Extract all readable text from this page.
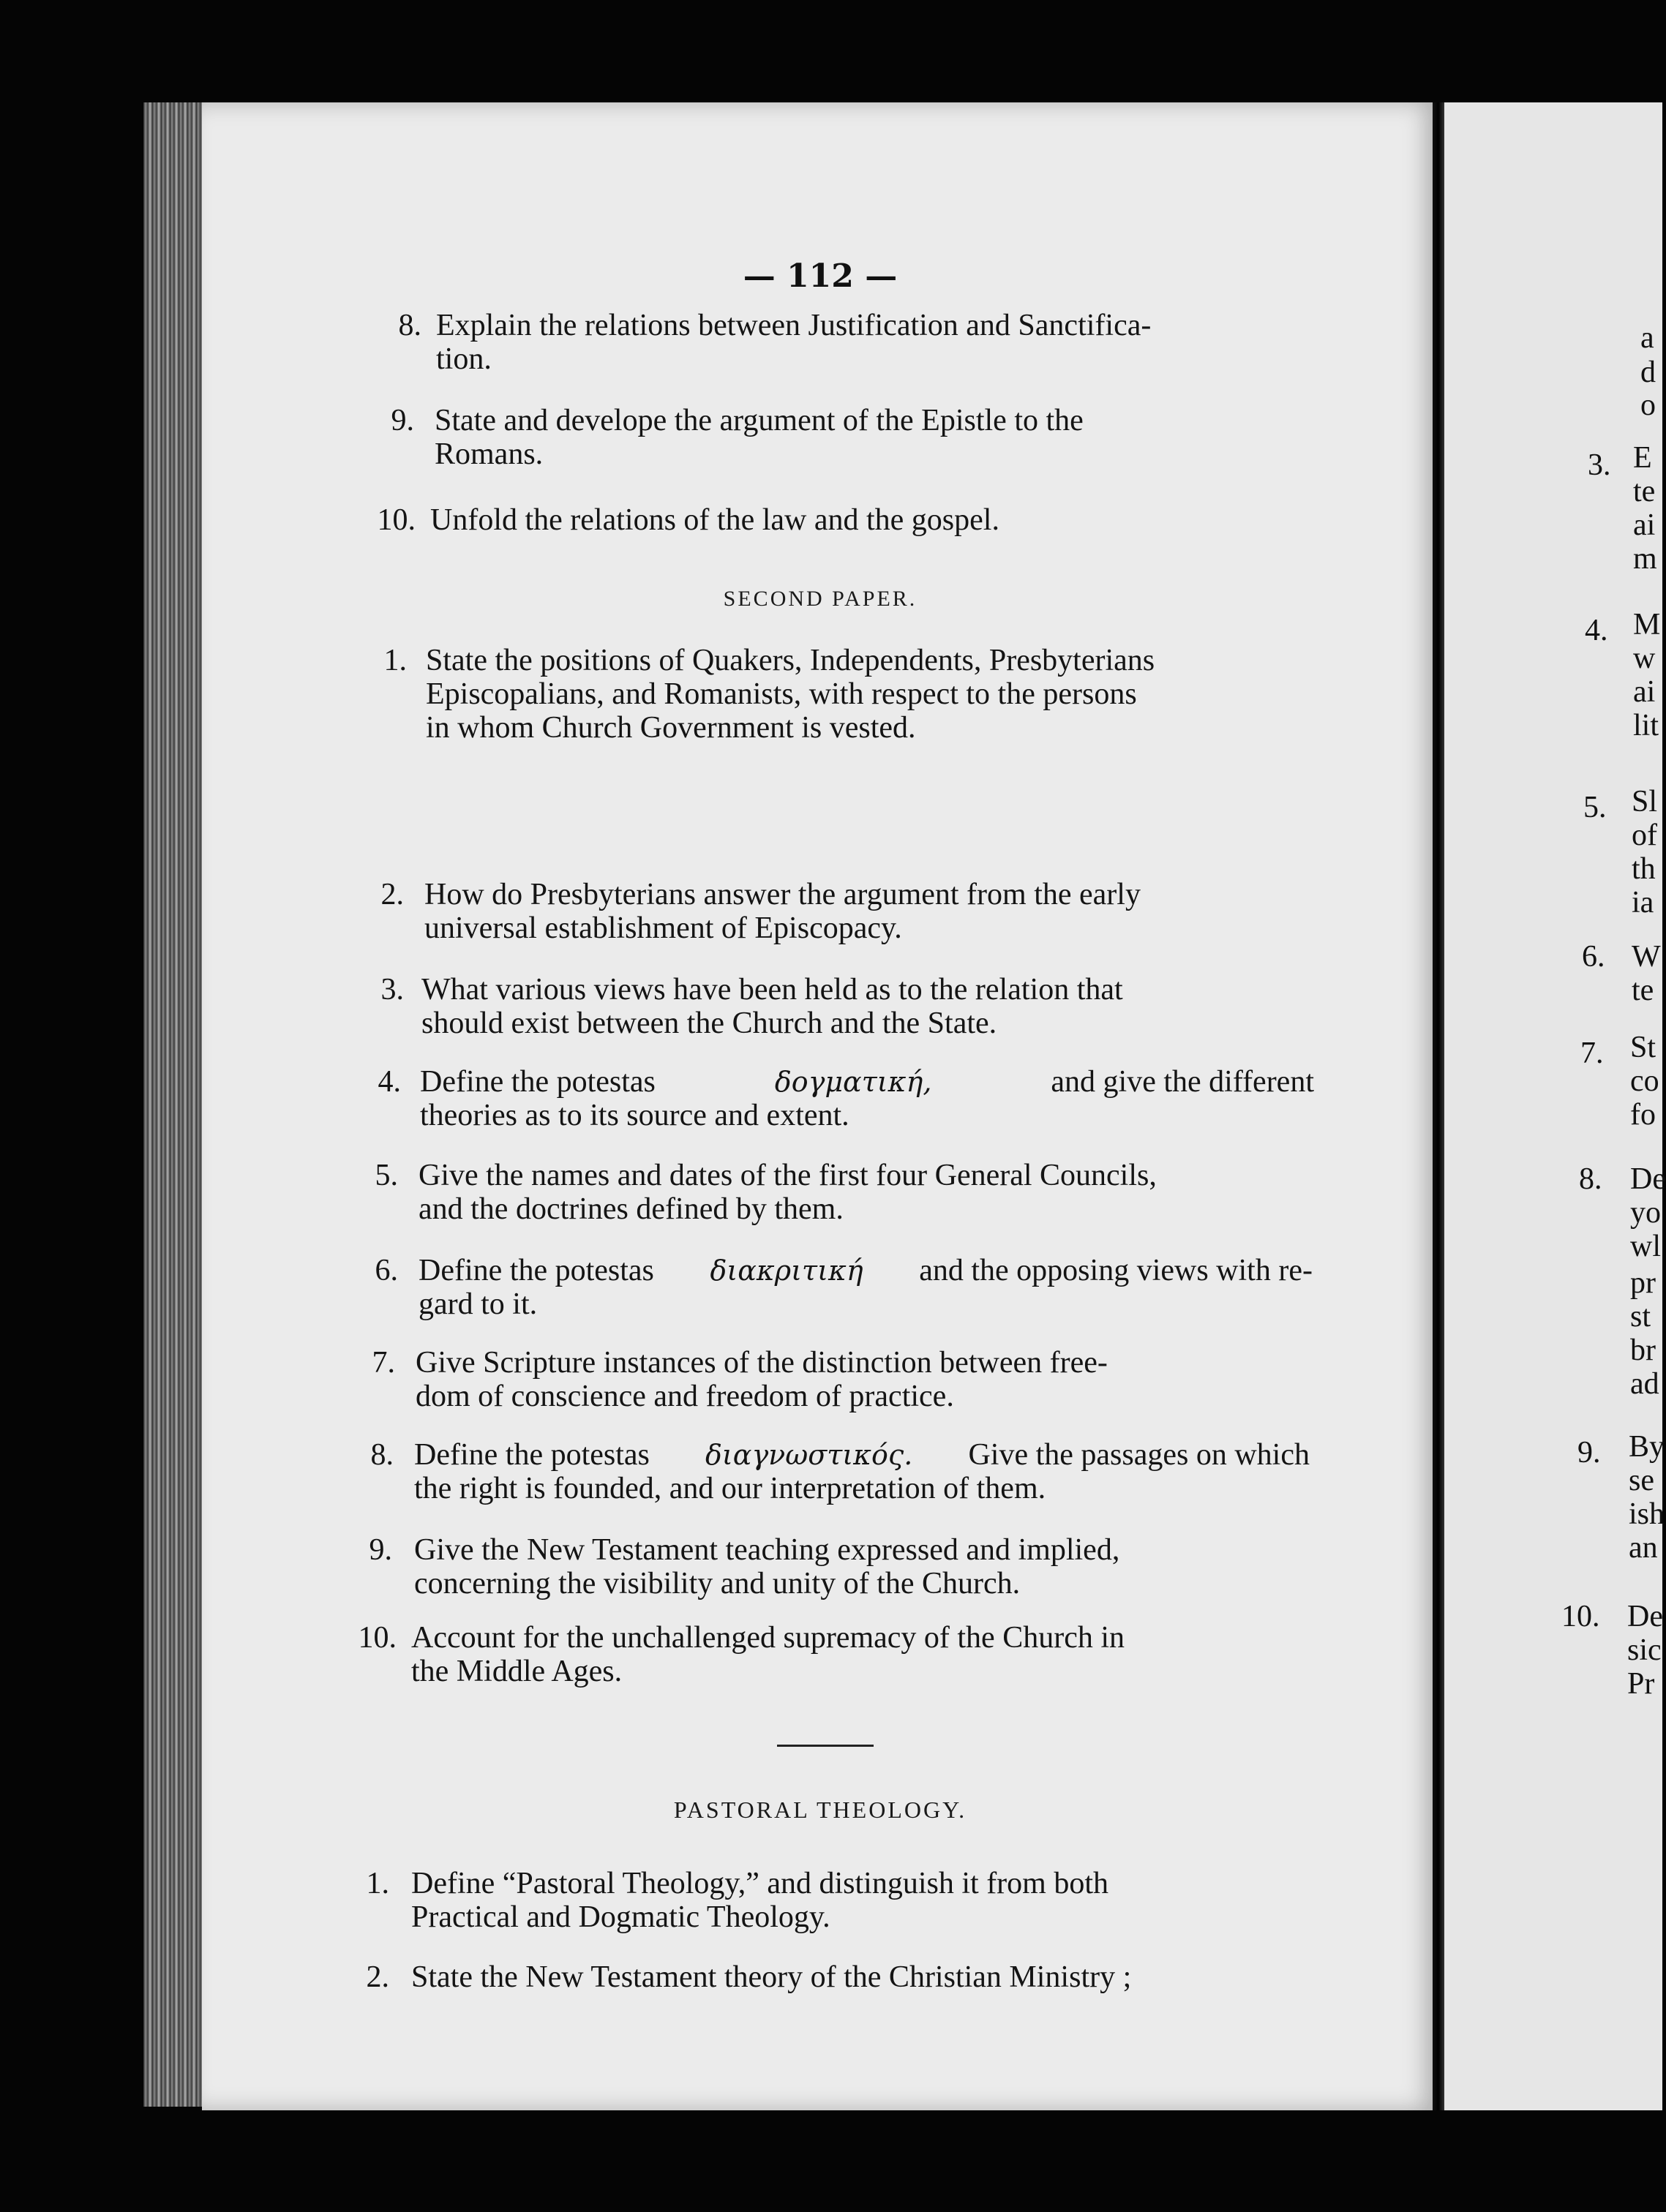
— 112 —
8. Explain the relations between Justification and Sanctifica-
tion.
9. State and develope the argument of the Epistle to the
Romans.
10. Unfold the relations of the law and the gospel.
SECOND PAPER.
1. State the positions of Quakers, Independents, Presbyterians
Episcopalians, and Romanists, with respect to the persons
in whom Church Government is vested.
2. How do Presbyterians answer the argument from the early
universal establishment of Episcopacy.
3. What various views have been held as to the relation that
should exist between the Church and the State.
4. Define the potestas	δογματική,	and give the different
theories as to its source and extent.
5. Give the names and dates of the first four General Councils,
and the doctrines defined by them.
6. Define the potestas διακριτική and the opposing views with re-
gard to it.
7. Give Scripture instances of the distinction between free-
dom of conscience and freedom of practice.
8. Define the potestas διαγνωστικός. Give the passages on which
the right is founded, and our interpretation of them.
9. Give the New Testament teaching expressed and implied,
concerning the visibility and unity of the Church.
10. Account for the unchallenged supremacy of the Church in
the Middle Ages.
PASTORAL THEOLOGY.
1. Define “Pastoral Theology,” and distinguish it from both
Practical and Dogmatic Theology.
2. State the New Testament theory of the Christian Ministry ;
a
d
o
3. E
te
ai
m
4. M
w
ai
lit
5. Sl
of
th
ia
6. W
te
7. St
co
fo
8. De
yo
wl
pr
st
br
ad
9. By
se
ish
an
10. De
sic
Pr
